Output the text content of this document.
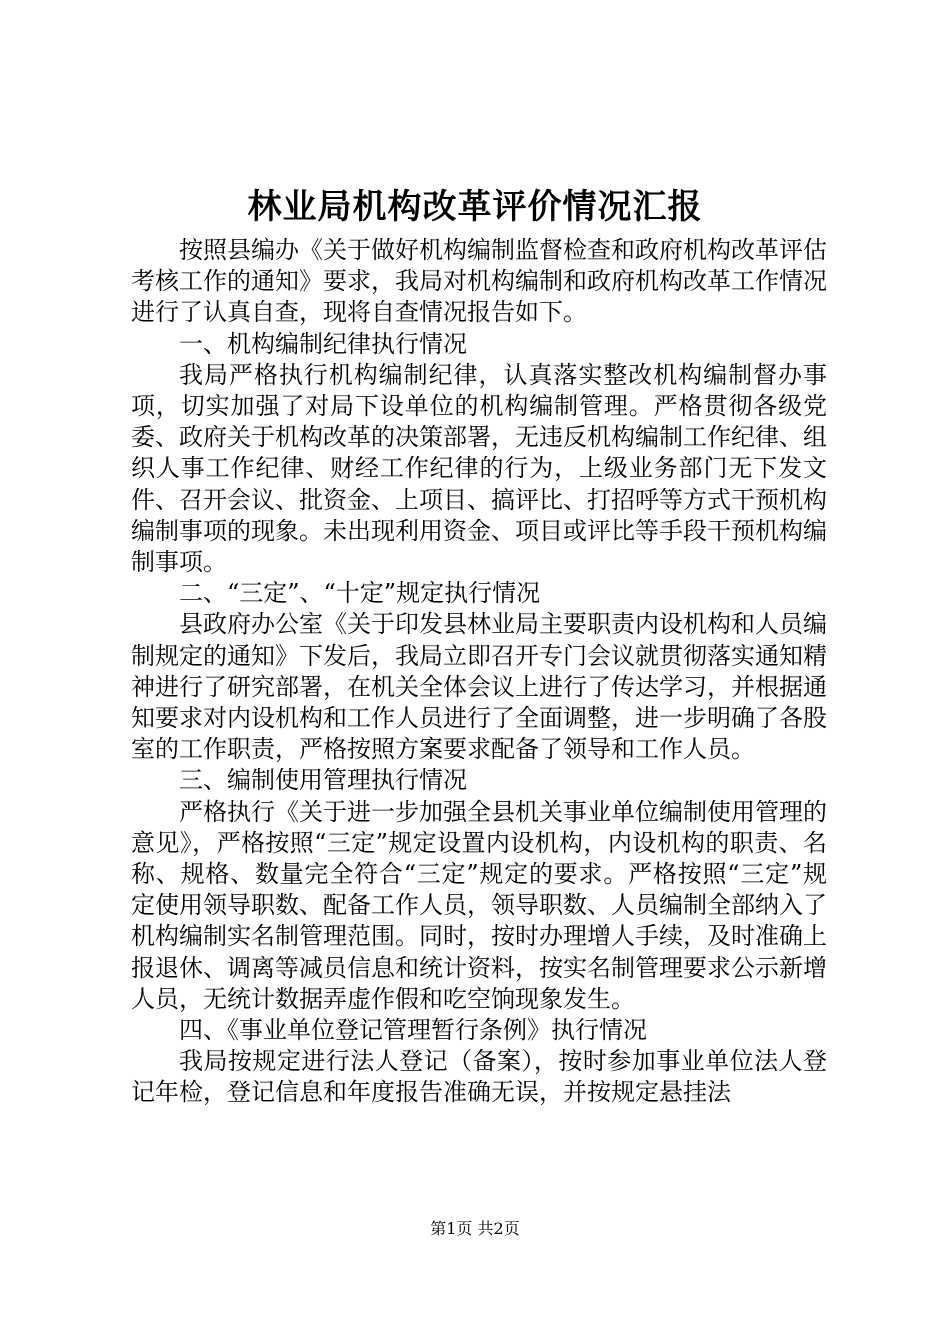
林业局机构改革评价情况汇报

按照县编办《关于做好机构编制监督检查和政府机构改革评估考核工作的通知》要求，我局对机构编制和政府机构改革工作情况进行了认真自查，现将自查情况报告如下。

一、机构编制纪律执行情况

我局严格执行机构编制纪律，认真落实整改机构编制督办事项，切实加强了对局下设单位的机构编制管理。严格贯彻各级党委、政府关于机构改革的决策部署，无违反机构编制工作纪律、组织人事工作纪律、财经工作纪律的行为，上级业务部门无下发文件、召开会议、批资金、上项目、搞评比、打招呼等方式干预机构编制事项的现象。未出现利用资金、项目或评比等手段干预机构编制事项。

二、“三定”、“十定”规定执行情况

县政府办公室《关于印发县林业局主要职责内设机构和人员编制规定的通知》下发后，我局立即召开专门会议就贯彻落实通知精神进行了研究部署，在机关全体会议上进行了传达学习，并根据通知要求对内设机构和工作人员进行了全面调整，进一步明确了各股室的工作职责，严格按照方案要求配备了领导和工作人员。

三、编制使用管理执行情况

严格执行《关于进一步加强全县机关事业单位编制使用管理的意见》，严格按照“三定”规定设置内设机构，内设机构的职责、名称、规格、数量完全符合“三定”规定的要求。严格按照“三定”规定使用领导职数、配备工作人员，领导职数、人员编制全部纳入了机构编制实名制管理范围。同时，按时办理增人手续，及时准确上报退休、调离等减员信息和统计资料，按实名制管理要求公示新增人员，无统计数据弄虚作假和吃空饷现象发生。

四、《事业单位登记管理暂行条例》执行情况

我局按规定进行法人登记（备案），按时参加事业单位法人登记年检，登记信息和年度报告准确无误，并按规定悬挂法

第1页 共2页
